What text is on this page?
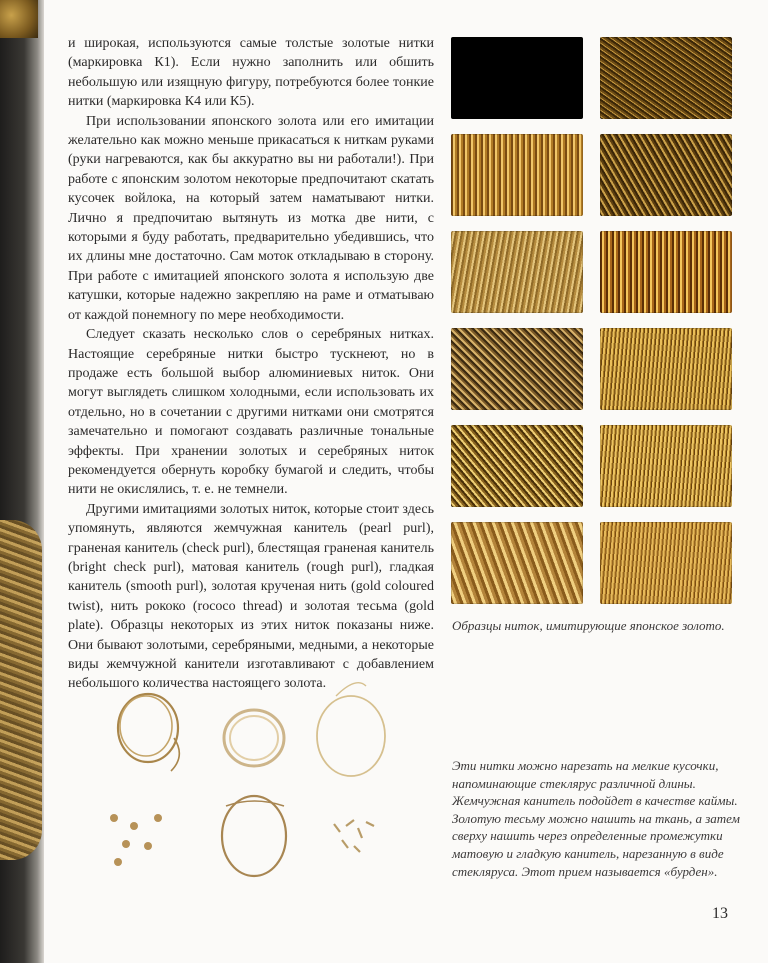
и широкая, используются самые толстые золотые нитки (маркировка К1). Если нужно заполнить или обшить небольшую или изящную фигуру, потребуются более тонкие нитки (маркировка К4 или К5).

При использовании японского золота или его имитации желательно как можно меньше прикасаться к ниткам руками (руки нагреваются, как бы аккуратно вы ни работали!). При работе с японским золотом некоторые предпочитают скатать кусочек войлока, на который затем наматывают нитки. Лично я предпочитаю вытянуть из мотка две нити, с которыми я буду работать, предварительно убедившись, что их длины мне достаточно. Сам моток откладываю в сторону. При работе с имитацией японского золота я использую две катушки, которые надежно закрепляю на раме и отматываю от каждой понемногу по мере необходимости.

Следует сказать несколько слов о серебряных нитках. Настоящие серебряные нитки быстро тускнеют, но в продаже есть большой выбор алюминиевых ниток. Они могут выглядеть слишком холодными, если использовать их отдельно, но в сочетании с другими нитками они смотрятся замечательно и помогают создавать различные тональные эффекты. При хранении золотых и серебряных ниток рекомендуется обернуть коробку бумагой и следить, чтобы нити не окислялись, т. е. не темнели.

Другими имитациями золотых ниток, которые стоит здесь упомянуть, являются жемчужная канитель (pearl purl), граненая канитель (check purl), блестящая граненая канитель (bright check purl), матовая канитель (rough purl), гладкая канитель (smooth purl), золотая крученая нить (gold coloured twist), нить рококо (rococo thread) и золотая тесьма (gold plate). Образцы некоторых из этих ниток показаны ниже. Они бывают золотыми, серебряными, медными, а некоторые виды жемчужной канители изготавливают с добавлением небольшого количества настоящего золота.

Образцы ниток, имитирующие японское золото.
Эти нитки можно нарезать на мелкие кусочки, напоминающие стеклярус различной длины. Жемчужная канитель подойдет в качестве каймы. Золотую тесьму можно нашить на ткань, а затем сверху нашить через определенные промежутки матовую и гладкую канитель, нарезанную в виде стекляруса. Этот прием называется «бурден».
13
